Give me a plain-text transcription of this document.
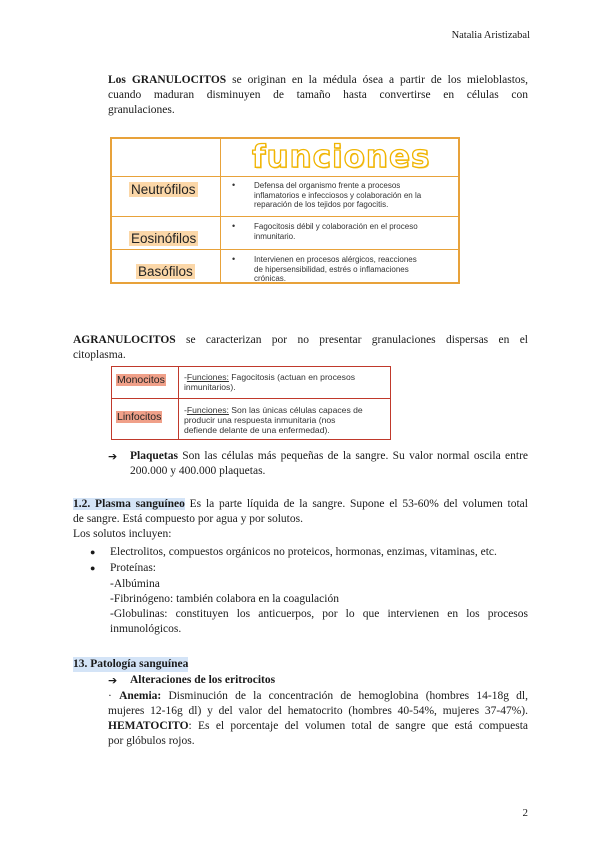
Natalia Aristizabal
Los GRANULOCITOS se originan en la médula ósea a partir de los mieloblastos,
cuando maduran disminuyen de tamaño hasta convertirse en células con
granulaciones.
funciones
Neutrófilos	• Defensa del organismo frente a procesos
inflamatorios e infecciosos y colaboración en la
reparación de los tejidos por fagocitis.
Eosinófilos
• Fagocitosis débil y colaboración en el proceso
inmunitario.
Basófilos
• Intervienen en procesos alérgicos, reacciones
de hipersensibilidad, estrés o inflamaciones
crónicas.
AGRANULOCITOS se caracterizan por no presentar granulaciones dispersas en el
citoplasma.
Monocitos -Funciones: Fagocitosis (actuan en procesos
inmunitarios).
Linfocitos
-Funciones: Son las únicas células capaces de
producir una respuesta inmunitaria (nos
defiende delante de una enfermedad).
➔ Plaquetas Son las células más pequeñas de la sangre. Su valor normal oscila entre
200.000 y 400.000 plaquetas.
1.2. Plasma sanguíneo Es la parte líquida de la sangre. Supone el 53-60% del volumen total
de sangre. Está compuesto por agua y por solutos.
Los solutos incluyen:
● Electrolitos, compuestos orgánicos no proteicos, hormonas, enzimas, vitaminas, etc.
● Proteínas:
-Albúmina
-Fibrinógeno: también colabora en la coagulación
-Globulinas: constituyen los anticuerpos, por lo que intervienen en los procesos
inmunológicos.
13. Patología sanguínea
➔ Alteraciones de los eritrocitos
· Anemia: Disminución de la concentración de hemoglobina (hombres 14-18g dl,
mujeres 12-16g dl) y del valor del hematocrito (hombres 40-54%, mujeres 37-47%).
HEMATOCITO: Es el porcentaje del volumen total de sangre que está compuesta
por glóbulos rojos.
2
